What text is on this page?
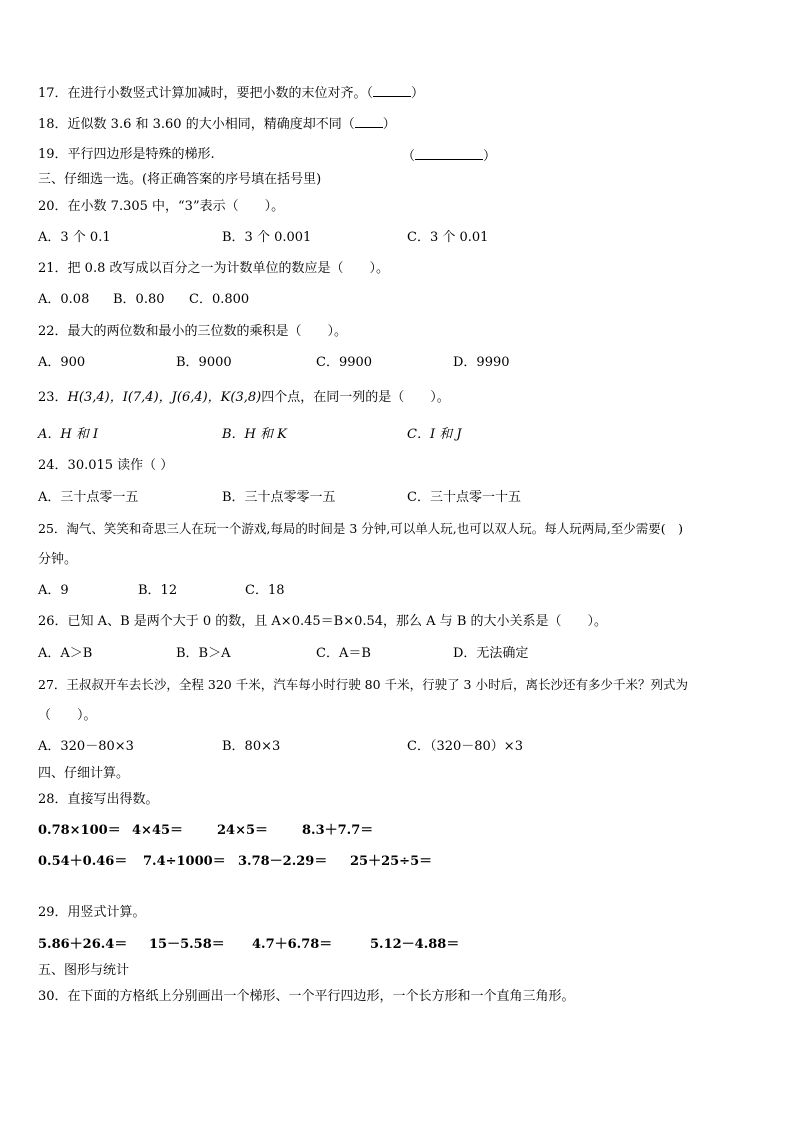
17．在进行小数竖式计算加减时，要把小数的末位对齐。（	）
18．近似数 3.6 和 3.60 的大小相同，精确度却不同（ ）
19．平行四边形是特殊的梯形.	（	）
三、仔细选一选。(将正确答案的序号填在括号里)
20．在小数 7.305 中，“3”表示（　　）。
A．3 个 0.1	B．3 个 0.001	C．3 个 0.01
21．把 0.8 改写成以百分之一为计数单位的数应是（　　）。
A．0.08 B．0.80 C．0.800
22．最大的两位数和最小的三位数的乘积是（　　）。
A．900	B．9000	C．9900	D．9990
23．H(3,4)，I(7,4)，J(6,4)，K(3,8)四个点，在同一列的是（　　）。
A．H 和 I	B．H 和 K	C．I 和 J
24．30.015 读作（ ）
A．三十点零一五	B．三十点零零一五	C．三十点零一十五
25．淘气、笑笑和奇思三人在玩一个游戏,每局的时间是 3 分钟,可以单人玩,也可以双人玩。每人玩两局,至少需要(　)
分钟。
A．9	B．12	C．18
26．已知 A、B 是两个大于 0 的数，且 A×0.45＝B×0.54，那么 A 与 B 的大小关系是（　　）。
A．A＞B	B．B＞A	C．A＝B	D．无法确定
27．王叔叔开车去长沙，全程 320 千米，汽车每小时行驶 80 千米，行驶了 3 小时后，离长沙还有多少千米？列式为
（　　）。
A．320－80×3	B．80×3	C．（320－80）×3
四、仔细计算。
28．直接写出得数。
0.78×100＝ 4×45＝	24×5＝	8.3＋7.7＝
0.54＋0.46＝ 7.4÷1000＝ 3.78－2.29＝ 25＋25÷5＝
29．用竖式计算。
5.86＋26.4＝ 15－5.58＝ 4.7＋6.78＝	5.12－4.88＝
五、图形与统计
30．在下面的方格纸上分别画出一个梯形、一个平行四边形，一个长方形和一个直角三角形。
